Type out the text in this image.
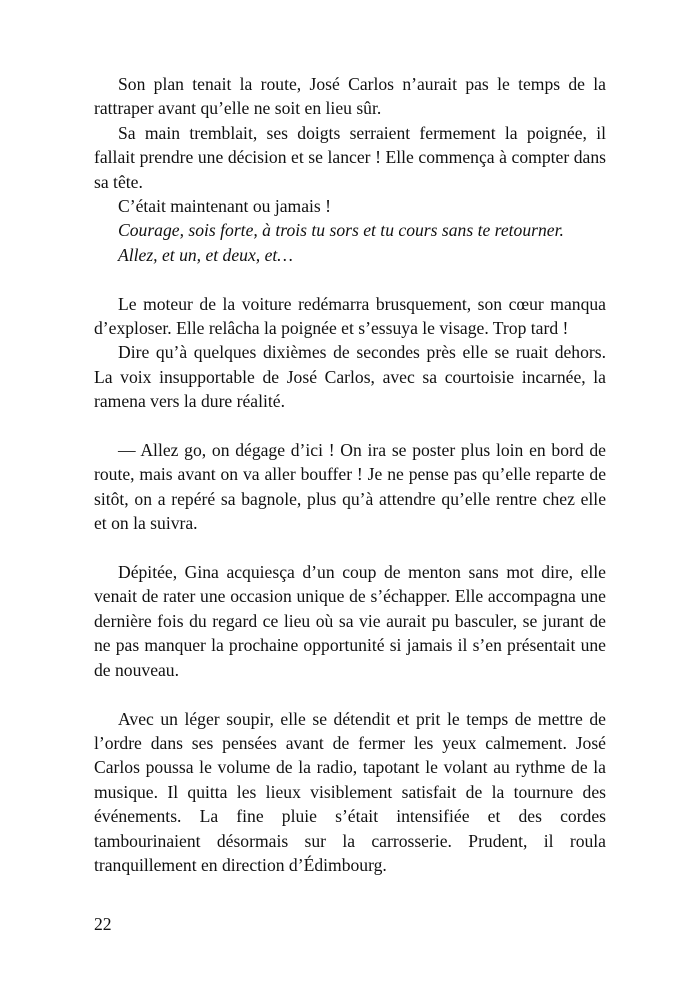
Son plan tenait la route, José Carlos n’aurait pas le temps de la rattraper avant qu’elle ne soit en lieu sûr.

Sa main tremblait, ses doigts serraient fermement la poignée, il fallait prendre une décision et se lancer ! Elle commença à compter dans sa tête.

C’était maintenant ou jamais !

Courage, sois forte, à trois tu sors et tu cours sans te retourner.

Allez, et un, et deux, et…

Le moteur de la voiture redémarra brusquement, son cœur manqua d’exploser. Elle relâcha la poignée et s’essuya le visage. Trop tard !

Dire qu’à quelques dixièmes de secondes près elle se ruait dehors. La voix insupportable de José Carlos, avec sa courtoisie incarnée, la ramena vers la dure réalité.

— Allez go, on dégage d’ici ! On ira se poster plus loin en bord de route, mais avant on va aller bouffer ! Je ne pense pas qu’elle reparte de sitôt, on a repéré sa bagnole, plus qu’à attendre qu’elle rentre chez elle et on la suivra.

Dépitée, Gina acquiesça d’un coup de menton sans mot dire, elle venait de rater une occasion unique de s’échapper. Elle accompagna une dernière fois du regard ce lieu où sa vie aurait pu basculer, se jurant de ne pas manquer la prochaine opportunité si jamais il s’en présentait une de nouveau.

Avec un léger soupir, elle se détendit et prit le temps de mettre de l’ordre dans ses pensées avant de fermer les yeux calmement. José Carlos poussa le volume de la radio, tapotant le volant au rythme de la musique. Il quitta les lieux visiblement satisfait de la tournure des événements. La fine pluie s’était intensifiée et des cordes tambourinaient désormais sur la carrosserie. Prudent, il roula tranquillement en direction d’Édimbourg.

22
